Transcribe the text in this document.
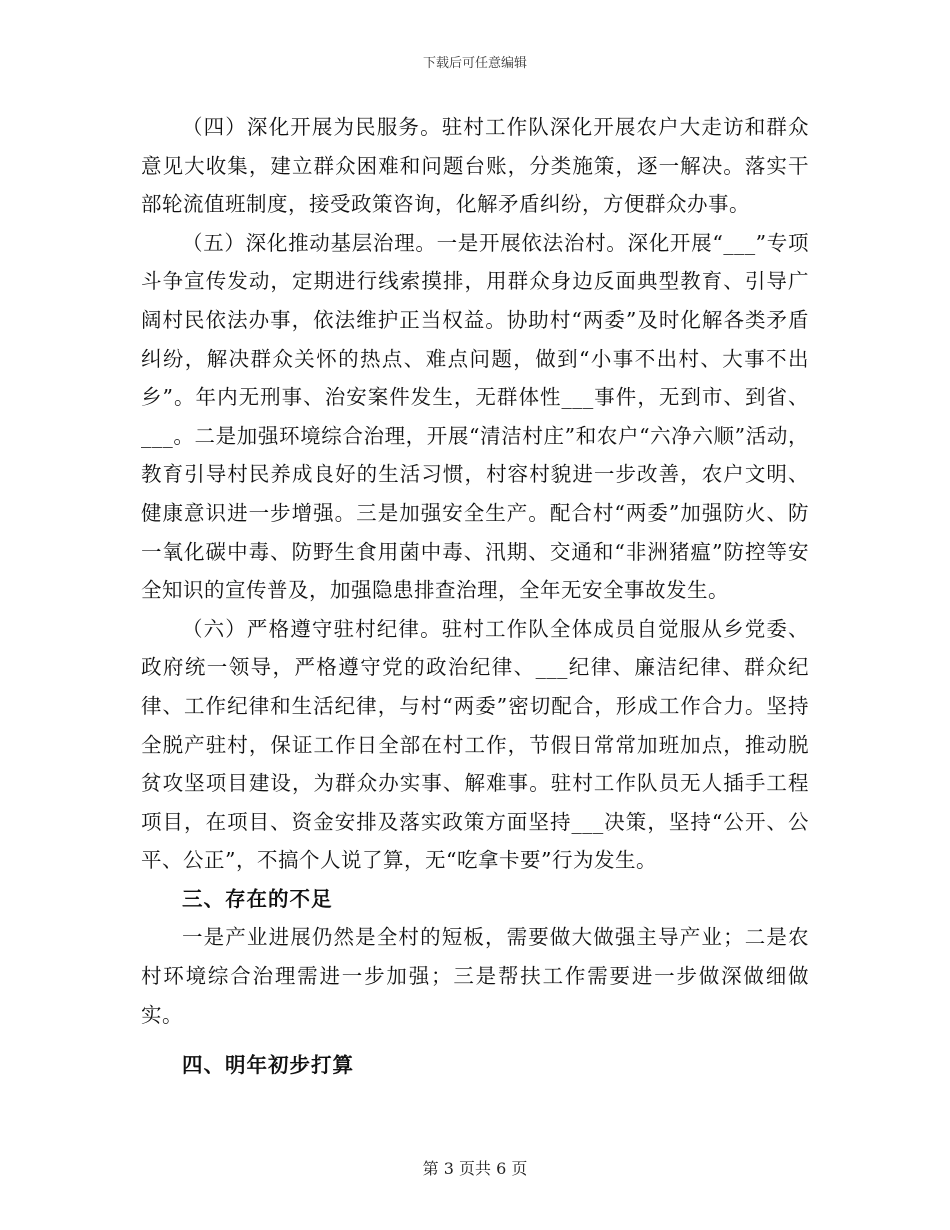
下载后可任意编辑

（四）深化开展为民服务。驻村工作队深化开展农户大走访和群众意见大收集，建立群众困难和问题台账，分类施策，逐一解决。落实干部轮流值班制度，接受政策咨询，化解矛盾纠纷，方便群众办事。

（五）深化推动基层治理。一是开展依法治村。深化开展“___”专项斗争宣传发动，定期进行线索摸排，用群众身边反面典型教育、引导广阔村民依法办事，依法维护正当权益。协助村“两委”及时化解各类矛盾纠纷，解决群众关怀的热点、难点问题，做到“小事不出村、大事不出乡”。年内无刑事、治安案件发生，无群体性___事件，无到市、到省、___。二是加强环境综合治理，开展“清洁村庄”和农户“六净六顺”活动，教育引导村民养成良好的生活习惯，村容村貌进一步改善，农户文明、健康意识进一步增强。三是加强安全生产。配合村“两委”加强防火、防一氧化碳中毒、防野生食用菌中毒、汛期、交通和“非洲猪瘟”防控等安全知识的宣传普及，加强隐患排查治理，全年无安全事故发生。

（六）严格遵守驻村纪律。驻村工作队全体成员自觉服从乡党委、政府统一领导，严格遵守党的政治纪律、___纪律、廉洁纪律、群众纪律、工作纪律和生活纪律，与村“两委”密切配合，形成工作合力。坚持全脱产驻村，保证工作日全部在村工作，节假日常常加班加点，推动脱贫攻坚项目建设，为群众办实事、解难事。驻村工作队员无人插手工程项目，在项目、资金安排及落实政策方面坚持___决策，坚持“公开、公平、公正”，不搞个人说了算，无“吃拿卡要”行为发生。

三、存在的不足

一是产业进展仍然是全村的短板，需要做大做强主导产业；二是农村环境综合治理需进一步加强；三是帮扶工作需要进一步做深做细做实。

四、明年初步打算

第 3 页共 6 页
